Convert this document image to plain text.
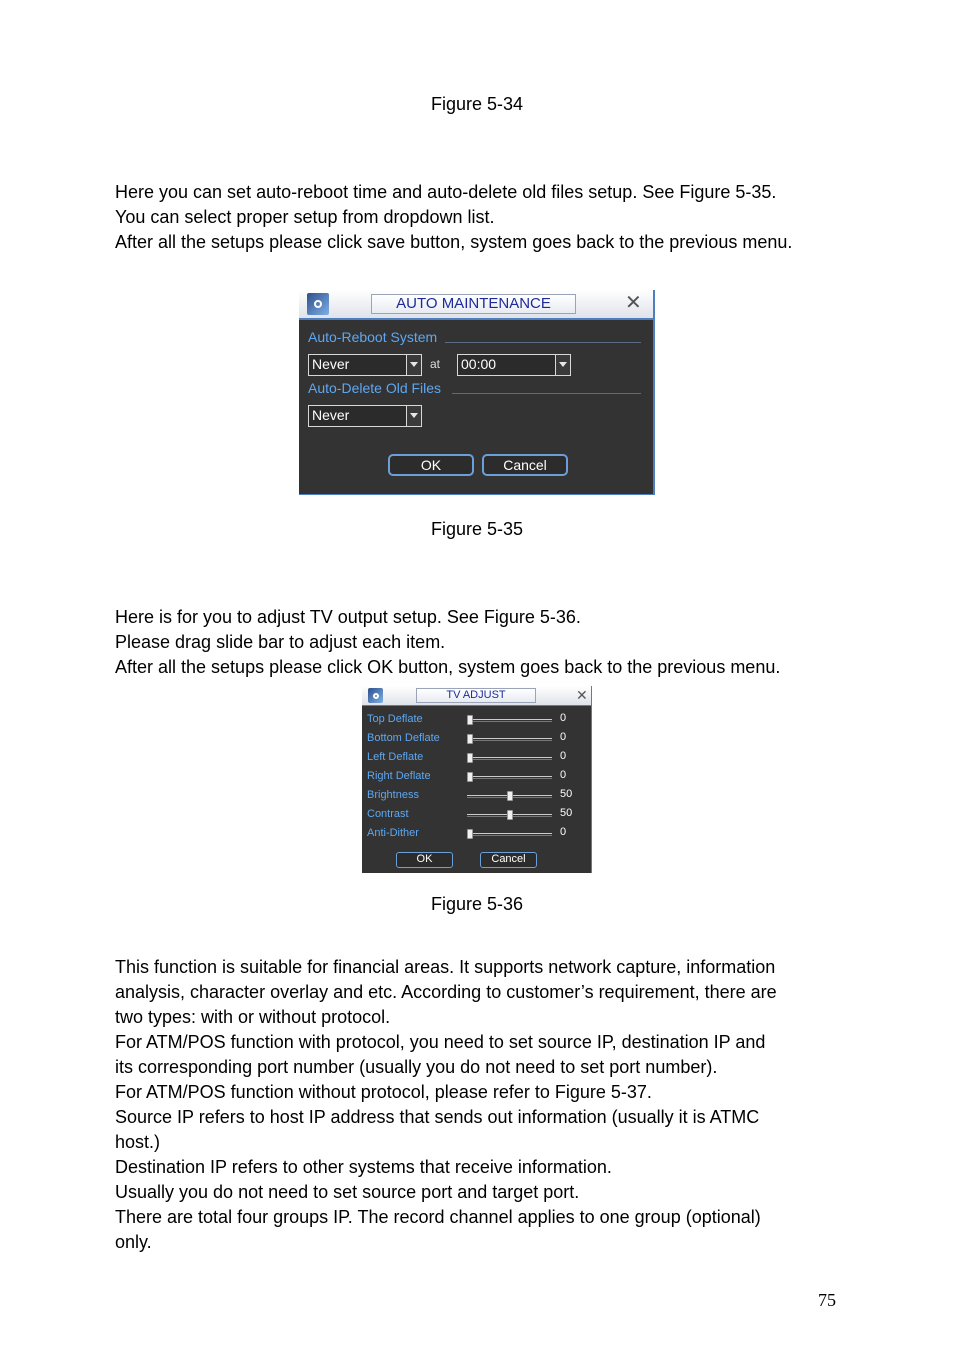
Figure 5-34
Here you can set auto-reboot time and auto-delete old files setup. See Figure 5-35.
You can select proper setup from dropdown list.
After all the setups please click save button, system goes back to the previous menu.
AUTO MAINTENANCE	✕
Auto-Reboot System
Never	at 00:00
Auto-Delete Old Files
Never
OK	Cancel
Figure 5-35
Here is for you to adjust TV output setup. See Figure 5-36.
Please drag slide bar to adjust each item.
After all the setups please click OK button, system goes back to the previous menu.
TV ADJUST	✕
Top Deflate	0
Bottom Deflate	0
Left Deflate	0
Right Deflate	0
Brightness	50
Contrast	50
Anti-Dither	0
OK	Cancel
Figure 5-36
This function is suitable for financial areas. It supports network capture, information
analysis, character overlay and etc. According to customer’s requirement, there are
two types: with or without protocol.
For ATM/POS function with protocol, you need to set source IP, destination IP and
its corresponding port number (usually you do not need to set port number).
For ATM/POS function without protocol, please refer to Figure 5-37.
Source IP refers to host IP address that sends out information (usually it is ATMC
host.)
Destination IP refers to other systems that receive information.
Usually you do not need to set source port and target port.
There are total four groups IP. The record channel applies to one group (optional)
only.
75
